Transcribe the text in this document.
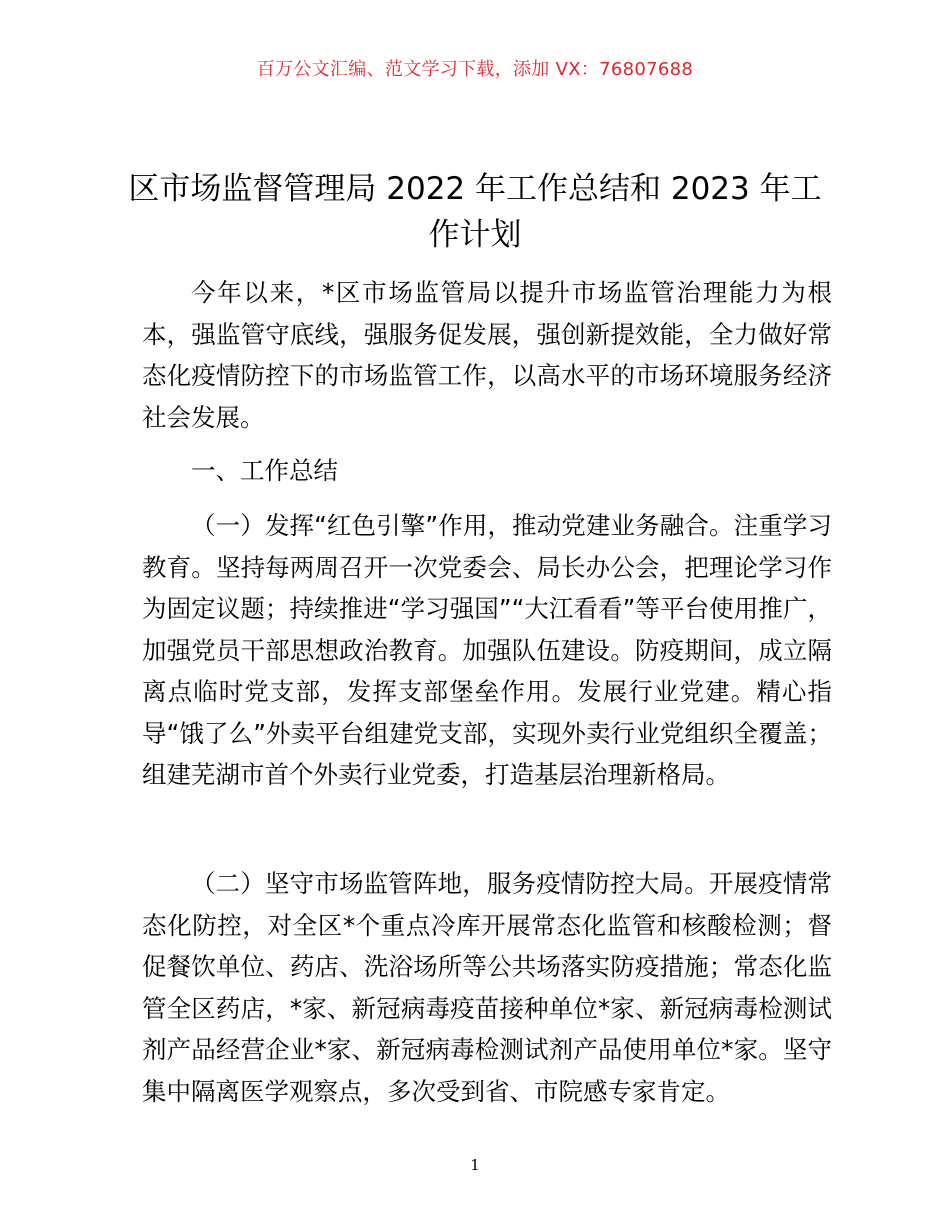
百万公文汇编、范文学习下载，添加 VX：76807688
区市场监督管理局 2022 年工作总结和 2023 年工作计划

今年以来，*区市场监管局以提升市场监管治理能力为根本，强监管守底线，强服务促发展，强创新提效能，全力做好常态化疫情防控下的市场监管工作，以高水平的市场环境服务经济社会发展。

一、工作总结

（一）发挥“红色引擎”作用，推动党建业务融合。注重学习教育。坚持每两周召开一次党委会、局长办公会，把理论学习作为固定议题；持续推进“学习强国”“大江看看”等平台使用推广，加强党员干部思想政治教育。加强队伍建设。防疫期间，成立隔离点临时党支部，发挥支部堡垒作用。发展行业党建。精心指导“饿了么”外卖平台组建党支部，实现外卖行业党组织全覆盖；组建芜湖市首个外卖行业党委，打造基层治理新格局。

（二）坚守市场监管阵地，服务疫情防控大局。开展疫情常态化防控，对全区*个重点冷库开展常态化监管和核酸检测；督促餐饮单位、药店、洗浴场所等公共场落实防疫措施；常态化监管全区药店，*家、新冠病毒疫苗接种单位*家、新冠病毒检测试剂产品经营企业*家、新冠病毒检测试剂产品使用单位*家。坚守集中隔离医学观察点，多次受到省、市院感专家肯定。

1
